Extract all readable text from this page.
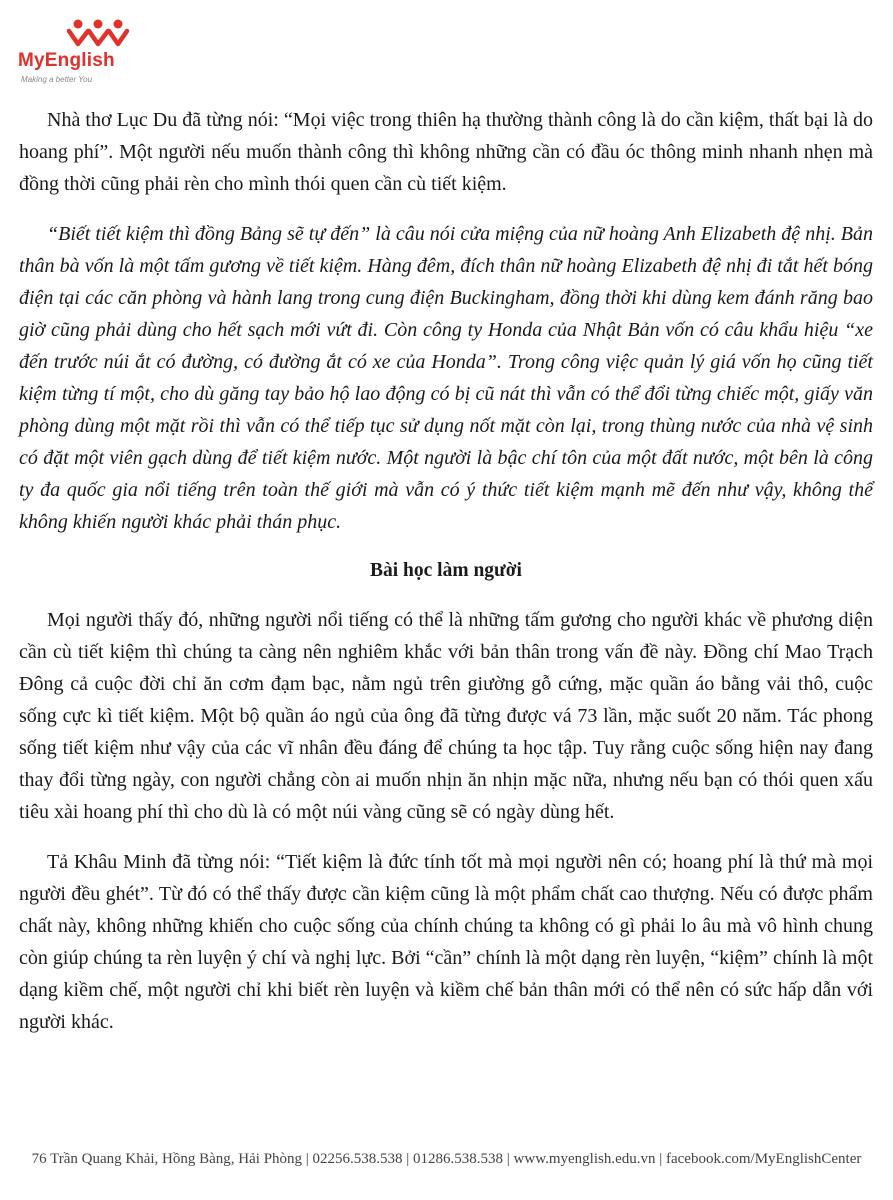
MyEnglish
Making a better You

Nhà thơ Lục Du đã từng nói: “Mọi việc trong thiên hạ thường thành công là do cần kiệm, thất bại là do hoang phí”. Một người nếu muốn thành công thì không những cần có đầu óc thông minh nhanh nhẹn mà đồng thời cũng phải rèn cho mình thói quen cần cù tiết kiệm.

“Biết tiết kiệm thì đồng Bảng sẽ tự đến” là câu nói cửa miệng của nữ hoàng Anh Elizabeth đệ nhị. Bản thân bà vốn là một tấm gương về tiết kiệm. Hàng đêm, đích thân nữ hoàng Elizabeth đệ nhị đi tắt hết bóng điện tại các căn phòng và hành lang trong cung điện Buckingham, đồng thời khi dùng kem đánh răng bao giờ cũng phải dùng cho hết sạch mới vứt đi. Còn công ty Honda của Nhật Bản vốn có câu khẩu hiệu “xe đến trước núi ắt có đường, có đường ắt có xe của Honda”. Trong công việc quản lý giá vốn họ cũng tiết kiệm từng tí một, cho dù găng tay bảo hộ lao động có bị cũ nát thì vẫn có thể đổi từng chiếc một, giấy văn phòng dùng một mặt rồi thì vẫn có thể tiếp tục sử dụng nốt mặt còn lại, trong thùng nước của nhà vệ sinh có đặt một viên gạch dùng để tiết kiệm nước. Một người là bậc chí tôn của một đất nước, một bên là công ty đa quốc gia nổi tiếng trên toàn thế giới mà vẫn có ý thức tiết kiệm mạnh mẽ đến như vậy, không thể không khiến người khác phải thán phục.

Bài học làm người

Mọi người thấy đó, những người nổi tiếng có thể là những tấm gương cho người khác về phương diện cần cù tiết kiệm thì chúng ta càng nên nghiêm khắc với bản thân trong vấn đề này. Đồng chí Mao Trạch Đông cả cuộc đời chỉ ăn cơm đạm bạc, nằm ngủ trên giường gỗ cứng, mặc quần áo bằng vải thô, cuộc sống cực kì tiết kiệm. Một bộ quần áo ngủ của ông đã từng được vá 73 lần, mặc suốt 20 năm. Tác phong sống tiết kiệm như vậy của các vĩ nhân đều đáng để chúng ta học tập. Tuy rằng cuộc sống hiện nay đang thay đổi từng ngày, con người chẳng còn ai muốn nhịn ăn nhịn mặc nữa, nhưng nếu bạn có thói quen xấu tiêu xài hoang phí thì cho dù là có một núi vàng cũng sẽ có ngày dùng hết.

Tả Khâu Minh đã từng nói: “Tiết kiệm là đức tính tốt mà mọi người nên có; hoang phí là thứ mà mọi người đều ghét”. Từ đó có thể thấy được cần kiệm cũng là một phẩm chất cao thượng. Nếu có được phẩm chất này, không những khiến cho cuộc sống của chính chúng ta không có gì phải lo âu mà vô hình chung còn giúp chúng ta rèn luyện ý chí và nghị lực. Bởi “cần” chính là một dạng rèn luyện, “kiệm” chính là một dạng kiềm chế, một người chỉ khi biết rèn luyện và kiềm chế bản thân mới có thể nên có sức hấp dẫn với người khác.

76 Trần Quang Khải, Hồng Bàng, Hải Phòng | 02256.538.538 | 01286.538.538 | www.myenglish.edu.vn | facebook.com/MyEnglishCenter
